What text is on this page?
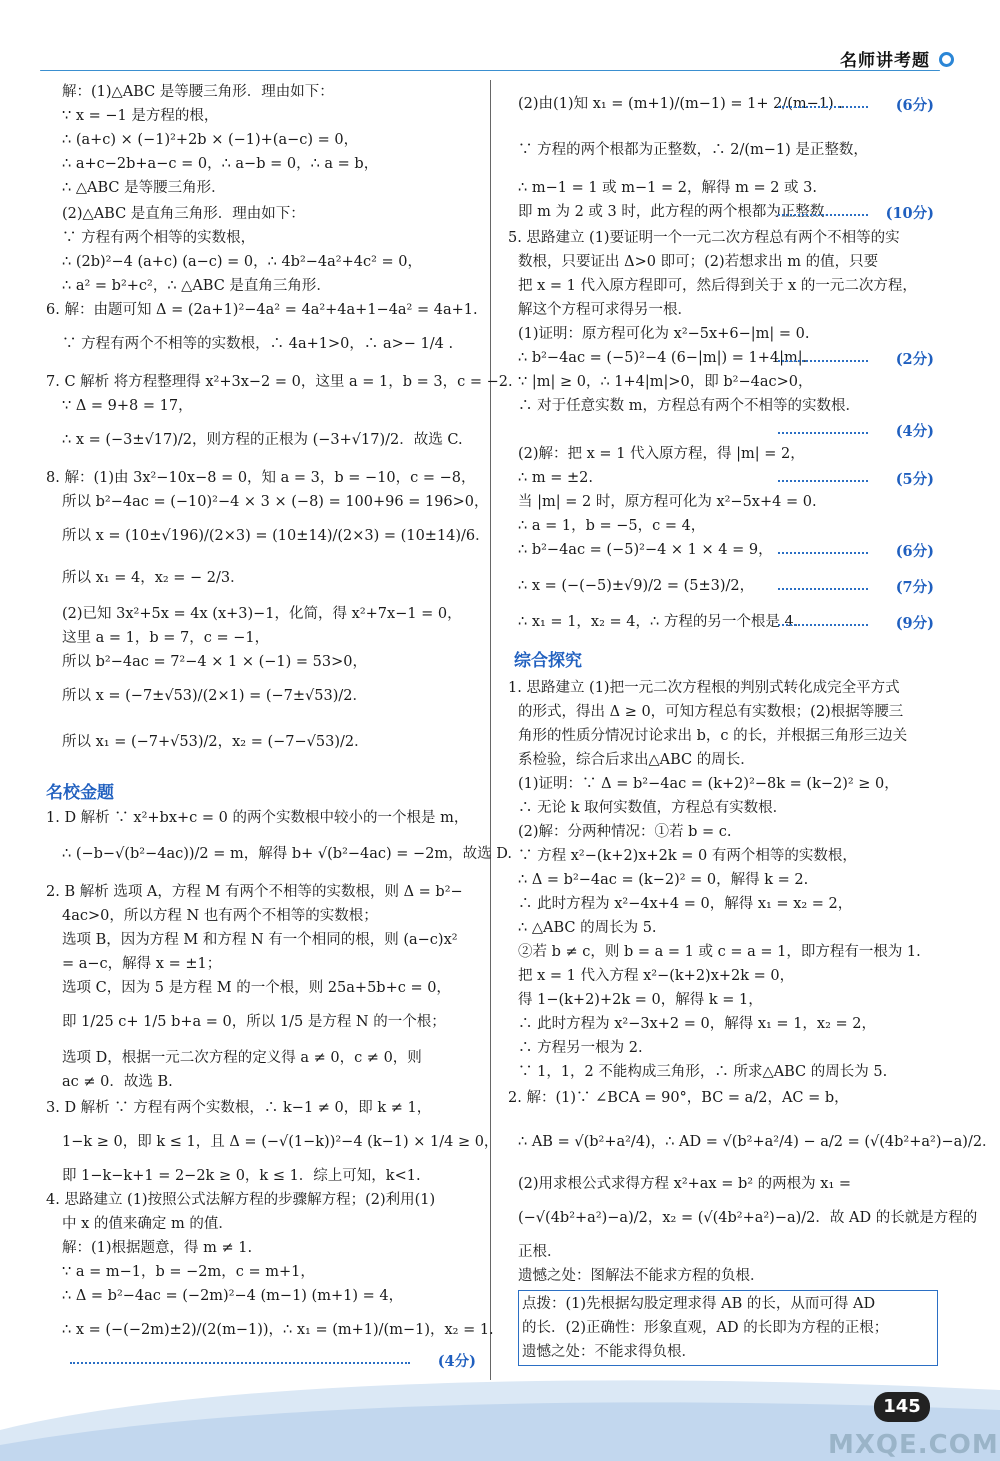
名师讲考题
解：(1)△ABC 是等腰三角形．理由如下：
∵ x = −1 是方程的根，
∴ (a+c) × (−1)²+2b × (−1)+(a−c) = 0，
∴ a+c−2b+a−c = 0，∴ a−b = 0，∴ a = b，
∴ △ABC 是等腰三角形．
(2)△ABC 是直角三角形．理由如下：
∵ 方程有两个相等的实数根，
∴ (2b)²−4 (a+c) (a−c) = 0，∴ 4b²−4a²+4c² = 0，
∴ a² = b²+c²，∴ △ABC 是直角三角形．
6. 解：由题可知 Δ = (2a+1)²−4a² = 4a²+4a+1−4a² = 4a+1.
∵ 方程有两个不相等的实数根，∴ 4a+1>0，∴ a>− 1/4 .
7. C 解析 将方程整理得 x²+3x−2 = 0，这里 a = 1，b = 3，c = −2.
∵ Δ = 9+8 = 17，
∴ x = (−3±√17)/2，则方程的正根为 (−3+√17)/2．故选 C.
8. 解：(1)由 3x²−10x−8 = 0，知 a = 3，b = −10，c = −8，
所以 b²−4ac = (−10)²−4 × 3 × (−8) = 100+96 = 196>0，
所以 x = (10±√196)/(2×3) = (10±14)/(2×3) = (10±14)/6．
所以 x₁ = 4，x₂ = − 2/3．
(2)已知 3x²+5x = 4x (x+3)−1，化简，得 x²+7x−1 = 0，
这里 a = 1，b = 7，c = −1，
所以 b²−4ac = 7²−4 × 1 × (−1) = 53>0，
所以 x = (−7±√53)/(2×1) = (−7±√53)/2．
所以 x₁ = (−7+√53)/2，x₂ = (−7−√53)/2．
1. D 解析 ∵ x²+bx+c = 0 的两个实数根中较小的一个根是 m，
∴ (−b−√(b²−4ac))/2 = m，解得 b+ √(b²−4ac) = −2m，故选 D.
2. B 解析 选项 A，方程 M 有两个不相等的实数根，则 Δ = b²−
4ac>0，所以方程 N 也有两个不相等的实数根；
选项 B，因为方程 M 和方程 N 有一个相同的根，则 (a−c)x²
= a−c，解得 x = ±1；
选项 C，因为 5 是方程 M 的一个根，则 25a+5b+c = 0，
即 1/25 c+ 1/5 b+a = 0，所以 1/5 是方程 N 的一个根；
选项 D，根据一元二次方程的定义得 a ≠ 0，c ≠ 0，则
ac ≠ 0．故选 B.
3. D 解析 ∵ 方程有两个实数根，∴ k−1 ≠ 0，即 k ≠ 1，
1−k ≥ 0，即 k ≤ 1，且 Δ = (−√(1−k))²−4 (k−1) × 1/4 ≥ 0，
即 1−k−k+1 = 2−2k ≥ 0，k ≤ 1．综上可知，k<1.
4. 思路建立 (1)按照公式法解方程的步骤解方程；(2)利用(1)
中 x 的值来确定 m 的值．
解：(1)根据题意，得 m ≠ 1.
∵ a = m−1，b = −2m，c = m+1，
∴ Δ = b²−4ac = (−2m)²−4 (m−1) (m+1) = 4，
∴ x = (−(−2m)±2)/(2(m−1))，∴ x₁ = (m+1)/(m−1)，x₂ = 1.
名校金题
(4分)
(2)由(1)知 x₁ = (m+1)/(m−1) = 1+ 2/(m−1) .
∵ 方程的两个根都为正整数，∴ 2/(m−1) 是正整数，
∴ m−1 = 1 或 m−1 = 2，解得 m = 2 或 3.
即 m 为 2 或 3 时，此方程的两个根都为正整数．
5. 思路建立 (1)要证明一个一元二次方程总有两个不相等的实
数根，只要证出 Δ>0 即可；(2)若想求出 m 的值，只要
把 x = 1 代入原方程即可，然后得到关于 x 的一元二次方程，
解这个方程可求得另一根．
(1)证明：原方程可化为 x²−5x+6−|m| = 0.
∴ b²−4ac = (−5)²−4 (6−|m|) = 1+4|m|.
∵ |m| ≥ 0，∴ 1+4|m|>0，即 b²−4ac>0，
∴ 对于任意实数 m，方程总有两个不相等的实数根．
(2)解：把 x = 1 代入原方程，得 |m| = 2，
∴ m = ±2.
当 |m| = 2 时，原方程可化为 x²−5x+4 = 0.
∴ a = 1，b = −5，c = 4，
∴ b²−4ac = (−5)²−4 × 1 × 4 = 9，
∴ x = (−(−5)±√9)/2 = (5±3)/2，
∴ x₁ = 1，x₂ = 4，∴ 方程的另一个根是 4.
1. 思路建立 (1)把一元二次方程根的判别式转化成完全平方式
的形式，得出 Δ ≥ 0，可知方程总有实数根；(2)根据等腰三
角形的性质分情况讨论求出 b，c 的长，并根据三角形三边关
系检验，综合后求出△ABC 的周长．
(1)证明：∵ Δ = b²−4ac = (k+2)²−8k = (k−2)² ≥ 0，
∴ 无论 k 取何实数值，方程总有实数根．
(2)解：分两种情况：①若 b = c.
∵ 方程 x²−(k+2)x+2k = 0 有两个相等的实数根，
∴ Δ = b²−4ac = (k−2)² = 0，解得 k = 2.
∴ 此时方程为 x²−4x+4 = 0，解得 x₁ = x₂ = 2，
∴ △ABC 的周长为 5.
②若 b ≠ c，则 b = a = 1 或 c = a = 1，即方程有一根为 1.
把 x = 1 代入方程 x²−(k+2)x+2k = 0，
得 1−(k+2)+2k = 0，解得 k = 1，
∴ 此时方程为 x²−3x+2 = 0，解得 x₁ = 1，x₂ = 2，
∴ 方程另一根为 2.
∵ 1，1，2 不能构成三角形，∴ 所求△ABC 的周长为 5.
2. 解：(1)∵ ∠BCA = 90°，BC = a/2，AC = b，
∴ AB = √(b²+a²/4)，∴ AD = √(b²+a²/4) − a/2 = (√(4b²+a²)−a)/2．
(2)用求根公式求得方程 x²+ax = b² 的两根为 x₁ =
(−√(4b²+a²)−a)/2，x₂ = (√(4b²+a²)−a)/2．故 AD 的长就是方程的
正根．
遗憾之处：图解法不能求方程的负根．
点拨：(1)先根据勾股定理求得 AB 的长，从而可得 AD
的长．(2)正确性：形象直观，AD 的长即为方程的正根；
遗憾之处：不能求得负根．
综合探究
(6分)
(10分)
(2分)
(4分)
(5分)
(6分)
(7分)
(9分)
145
MXQE.COM
